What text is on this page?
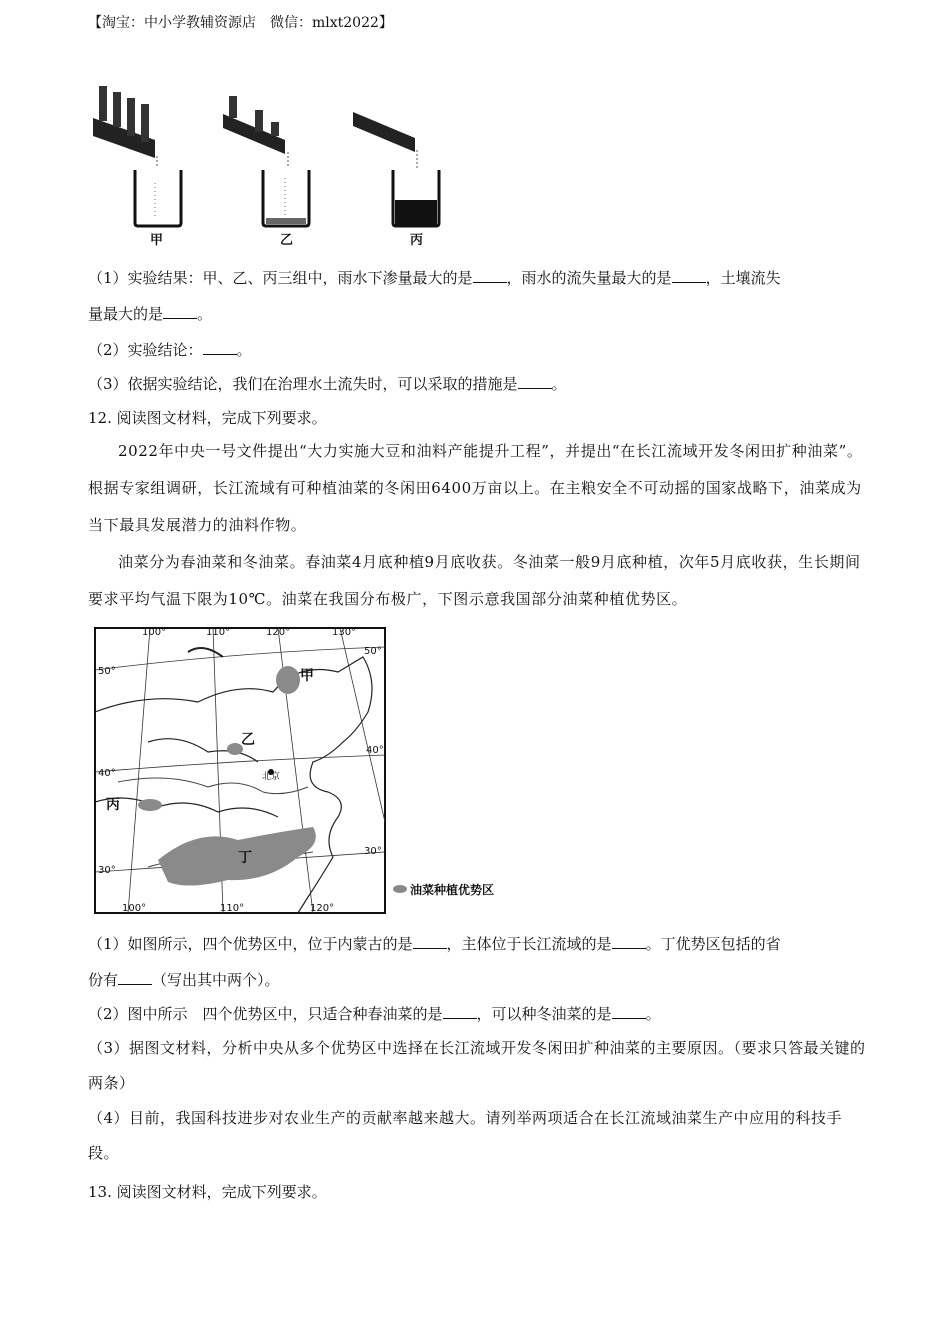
【淘宝：中小学教辅资源店　微信：mlxt2022】
甲	乙	丙
（1）实验结果：甲、乙、丙三组中，雨水下渗量最大的是 ，雨水的流失量最大的是 ，土壤流失
量最大的是 。
（2）实验结论： 。
（3）依据实验结论，我们在治理水土流失时，可以采取的措施是 。
12. 阅读图文材料，完成下列要求。
2022年中央一号文件提出“大力实施大豆和油料产能提升工程”，并提出“在长江流域开发冬闲田扩种油菜”。根据专家组调研，长江流域有可种植油菜的冬闲田6400万亩以上。在主粮安全不可动摇的国家战略下，油菜成为当下最具发展潜力的油料作物。
油菜分为春油菜和冬油菜。春油菜4月底种植9月底收获。冬油菜一般9月底种植，次年5月底收获，生长期间要求平均气温下限为10℃。油菜在我国分布极广，下图示意我国部分油菜种植优势区。
100°	110°	120°	130°
100°	110°	120°
50°
50°
40°
40°
30°
30°
北京
甲
乙
丙
丁
油菜种植优势区
（1）如图所示，四个优势区中，位于内蒙古的是 ，主体位于长江流域的是 。丁优势区包括的省
份有 （写出其中两个）。
（2）图中所示　四个优势区中，只适合种春油菜的是 ，可以种冬油菜的是 。
（3）据图文材料，分析中央从多个优势区中选择在长江流域开发冬闲田扩种油菜的主要原因。（要求只答最关键的两条）
（4）目前，我国科技进步对农业生产的贡献率越来越大。请列举两项适合在长江流域油菜生产中应用的科技手段。
13. 阅读图文材料，完成下列要求。
